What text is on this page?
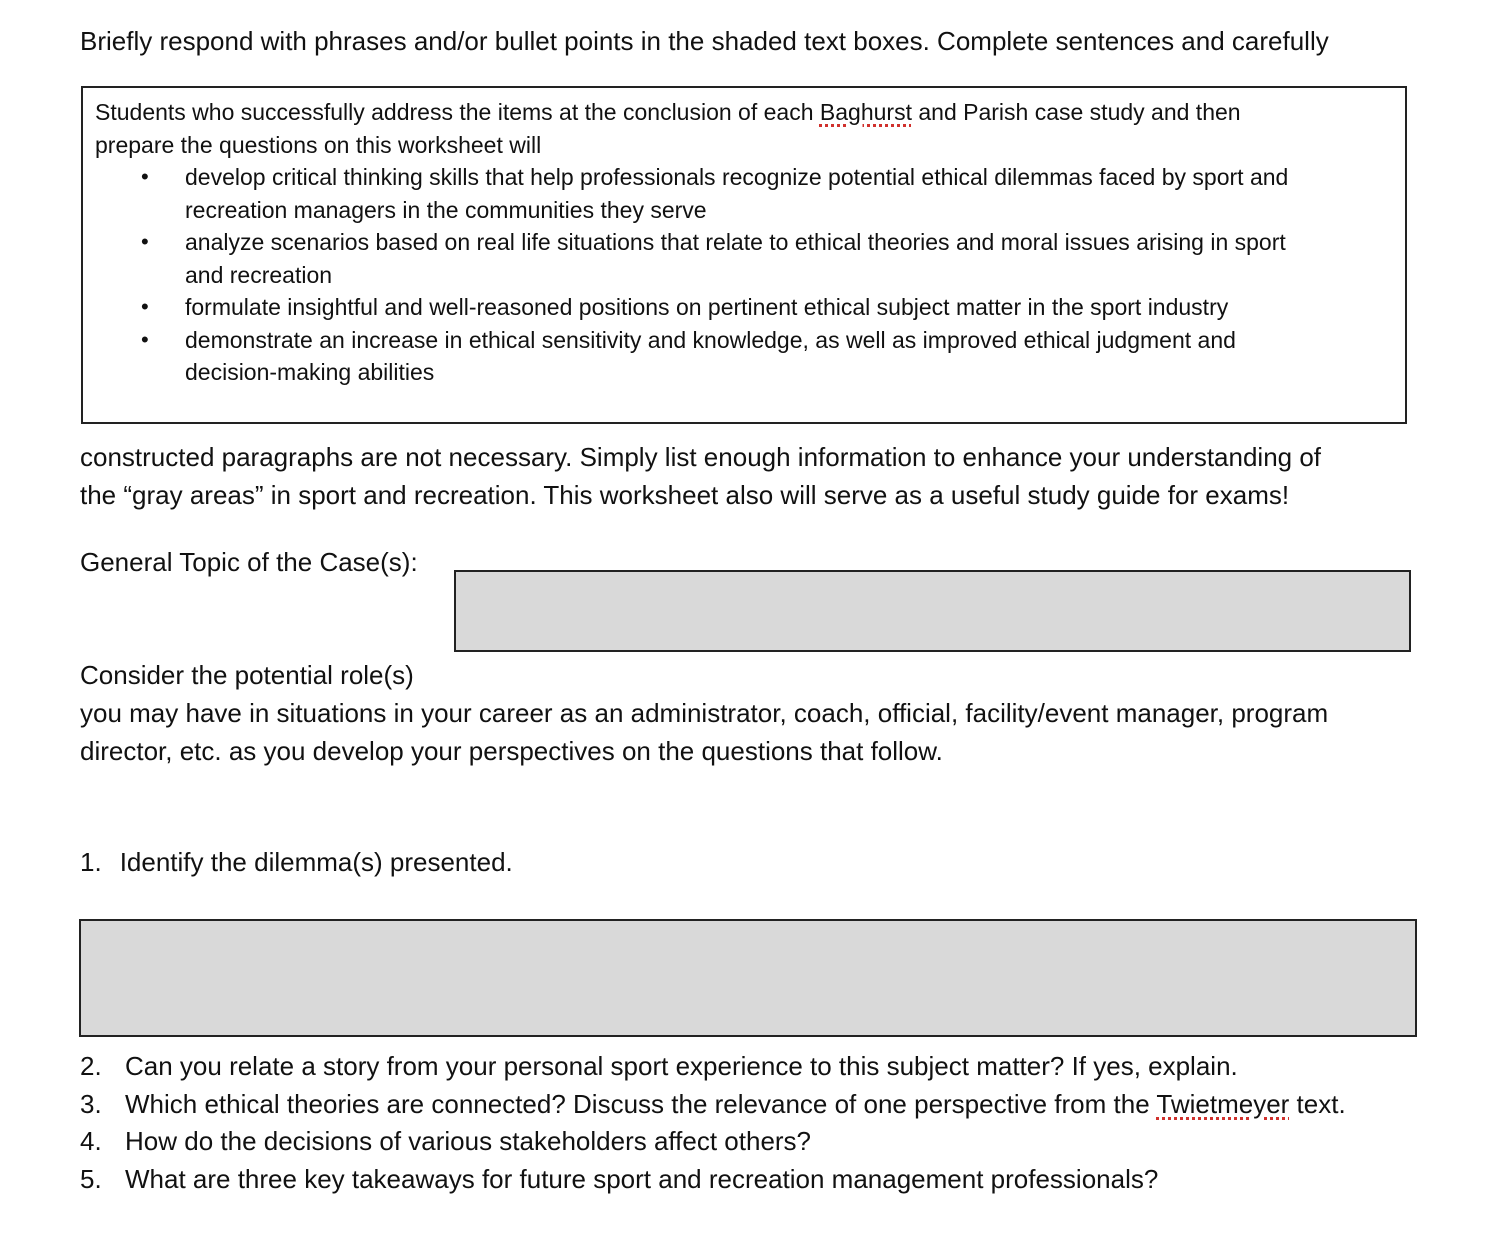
Briefly respond with phrases and/or bullet points in the shaded text boxes. Complete sentences and carefully
Students who successfully address the items at the conclusion of each Baghurst and Parish case study and then
prepare the questions on this worksheet will
• develop critical thinking skills that help professionals recognize potential ethical dilemmas faced by sport and
recreation managers in the communities they serve
• analyze scenarios based on real life situations that relate to ethical theories and moral issues arising in sport
and recreation
• formulate insightful and well-reasoned positions on pertinent ethical subject matter in the sport industry
• demonstrate an increase in ethical sensitivity and knowledge, as well as improved ethical judgment and
decision-making abilities
constructed paragraphs are not necessary. Simply list enough information to enhance your understanding of
the “gray areas” in sport and recreation. This worksheet also will serve as a useful study guide for exams!
General Topic of the Case(s):
Consider the potential role(s)
you may have in situations in your career as an administrator, coach, official, facility/event manager, program
director, etc. as you develop your perspectives on the questions that follow.
1. Identify the dilemma(s) presented.
2. Can you relate a story from your personal sport experience to this subject matter? If yes, explain.
3. Which ethical theories are connected? Discuss the relevance of one perspective from the Twietmeyer text.
4. How do the decisions of various stakeholders affect others?
5. What are three key takeaways for future sport and recreation management professionals?
